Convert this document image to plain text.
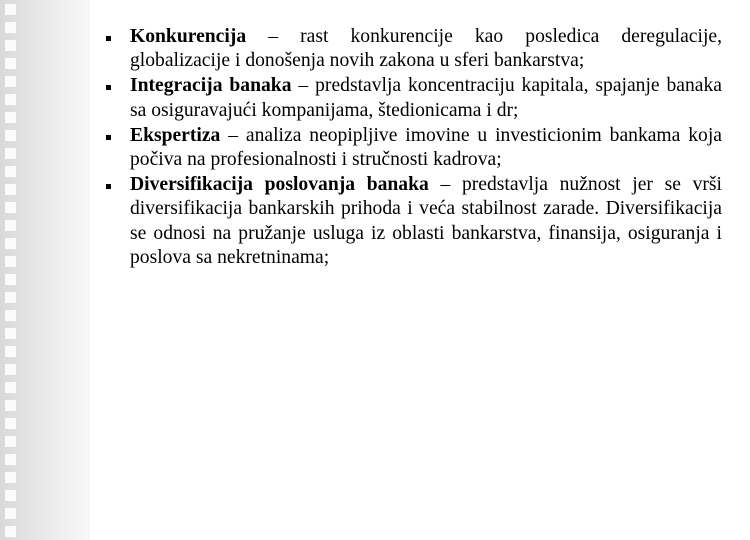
Konkurencija – rast konkurencije kao posledica deregulacije, globalizacije i donošenja novih zakona u sferi bankarstva;
Integracija banaka – predstavlja koncentraciju kapitala, spajanje banaka sa osiguravajući kompanijama, štedionicama i dr;
Ekspertiza – analiza neopipljive imovine u investicionim bankama koja počiva na profesionalnosti i stručnosti kadrova;
Diversifikacija poslovanja banaka – predstavlja nužnost jer se vrši diversifikacija bankarskih prihoda i veća stabilnost zarade. Diversifikacija se odnosi na pružanje usluga iz oblasti bankarstva, finansija, osiguranja i poslova sa nekretninama;
